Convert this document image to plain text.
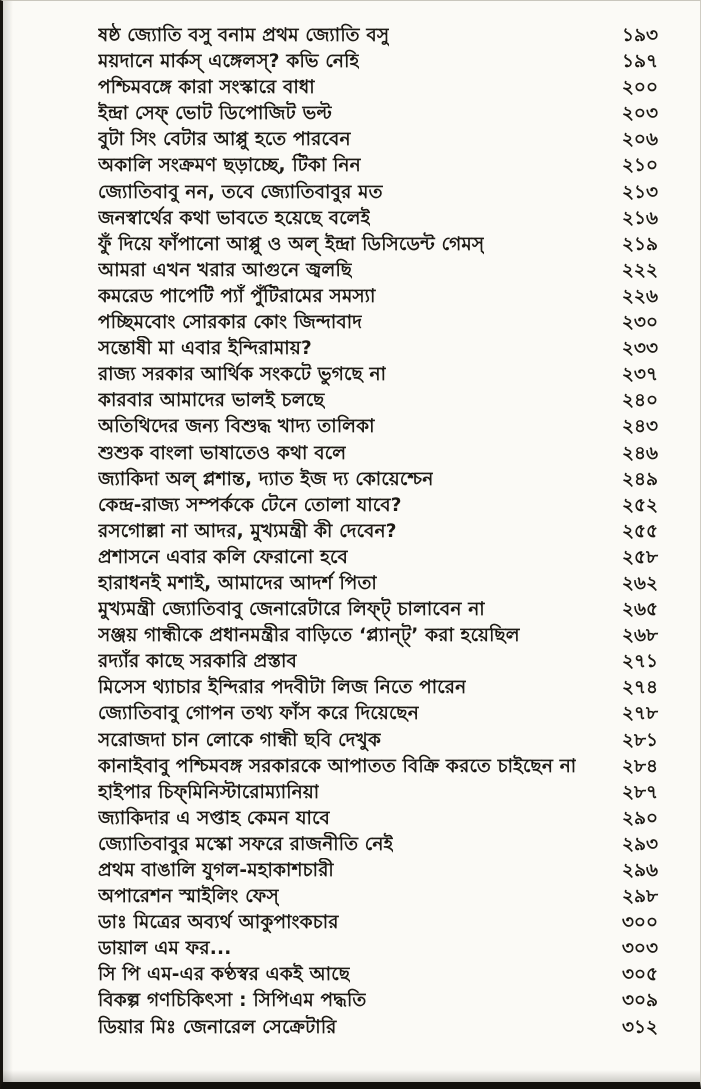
ষষ্ঠ জ্যোতি বসু বনাম প্রথম জ্যোতি বসু	১৯৩
ময়দানে মার্কস্ এঙ্গেলস্? কভি নেহি	১৯৭
পশ্চিমবঙ্গে কারা সংস্কারে বাধা	২০০
ইন্দ্রা সেফ্ ভোট ডিপোজিট ভল্ট	২০৩
বুটা সিং বেটার আপ্পু হতে পারবেন	২০৬
অকালি সংক্রমণ ছড়াচ্ছে, টিকা নিন	২১০
জ্যোতিবাবু নন, তবে জ্যোতিবাবুর মত	২১৩
জনস্বার্থের কথা ভাবতে হয়েছে বলেই	২১৬
ফুঁ দিয়ে ফাঁপানো আপ্পু ও অল্ ইন্দ্রা ডিসিডেন্ট গেমস্	২১৯
আমরা এখন খরার আগুনে জ্বলছি	২২২
কমরেড পাপেটি প্যাঁ পুঁটিরামের সমস্যা	২২৬
পচ্ছিমবোং সোরকার কোং জিন্দাবাদ	২৩০
সন্তোষী মা এবার ইন্দিরামায়?	২৩৩
রাজ্য সরকার আর্থিক সংকটে ভুগছে না	২৩৭
কারবার আমাদের ভালই চলছে	২৪০
অতিথিদের জন্য বিশুদ্ধ খাদ্য তালিকা	২৪৩
শুশুক বাংলা ভাষাতেও কথা বলে	২৪৬
জ্যাকিদা অল্ প্লশান্ত, দ্যাত ইজ দ্য কোয়েশ্চেন	২৪৯
কেন্দ্র-রাজ্য সম্পর্ককে টেনে তোলা যাবে?	২৫২
রসগোল্লা না আদর, মুখ্যমন্ত্রী কী দেবেন?	২৫৫
প্রশাসনে এবার কলি ফেরানো হবে	২৫৮
হারাধনই মশাই, আমাদের আদর্শ পিতা	২৬২
মুখ্যমন্ত্রী জ্যোতিবাবু জেনারেটারে লিফ্ট্ চালাবেন না	২৬৫
সঞ্জয় গান্ধীকে প্রধানমন্ত্রীর বাড়িতে ‘প্ল্যান্ট্’ করা হয়েছিল	২৬৮
রদ্যাঁর কাছে সরকারি প্রস্তাব	২৭১
মিসেস থ্যাচার ইন্দিরার পদবীটা লিজ নিতে পারেন	২৭৪
জ্যোতিবাবু গোপন তথ্য ফাঁস করে দিয়েছেন	২৭৮
সরোজদা চান লোকে গান্ধী ছবি দেখুক	২৮১
কানাইবাবু পশ্চিমবঙ্গ সরকারকে আপাতত বিক্রি করতে চাইছেন না	২৮৪
হাইপার চিফ্‌মিনিস্টারোম্যানিয়া	২৮৭
জ্যাকিদার এ সপ্তাহ কেমন যাবে	২৯০
জ্যোতিবাবুর মস্কো সফরে রাজনীতি নেই	২৯৩
প্রথম বাঙালি যুগল-মহাকাশচারী	২৯৬
অপারেশন স্মাইলিং ফেস্	২৯৮
ডাঃ মিত্রের অব্যর্থ আকুপাংকচার	৩০০
ডায়াল এম ফর...	৩০৩
সি পি এম-এর কণ্ঠস্বর একই আছে	৩০৫
বিকল্প গণচিকিৎসা : সিপিএম পদ্ধতি	৩০৯
ডিয়ার মিঃ জেনারেল সেক্রেটারি	৩১২
